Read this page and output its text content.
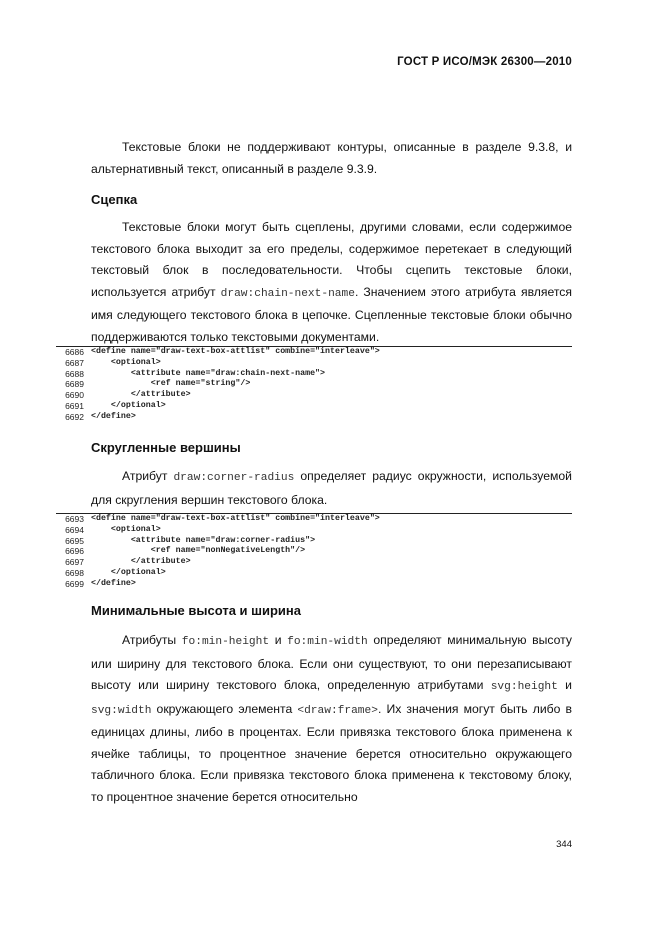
ГОСТ Р ИСО/МЭК 26300—2010

Текстовые блоки не поддерживают контуры, описанные в разделе 9.3.8, и альтернативный текст, описанный в разделе 9.3.9.

Сцепка

Текстовые блоки могут быть сцеплены, другими словами, если содержимое текстового блока выходит за его пределы, содержимое перетекает в следующий текстовый блок в последовательности. Чтобы сцепить текстовые блоки, используется атрибут draw:chain-next-name. Значением этого атрибута является имя следующего текстового блока в цепочке. Сцепленные текстовые блоки обычно поддерживаются только текстовыми документами.

6686 <define name="draw-text-box-attlist" combine="interleave">
6687 <optional>
6688 <attribute name="draw:chain-next-name">
6689 <ref name="string"/>
6690 </attribute>
6691 </optional>
6692 </define>
Скругленные вершины

Атрибут draw:corner-radius определяет радиус окружности, используемой для скругления вершин текстового блока.

6693 <define name="draw-text-box-attlist" combine="interleave">
6694 <optional>
6695 <attribute name="draw:corner-radius">
6696 <ref name="nonNegativeLength"/>
6697 </attribute>
6698 </optional>
6699 </define>
Минимальные высота и ширина

Атрибуты fo:min-height и fo:min-width определяют минимальную высоту или ширину для текстового блока. Если они существуют, то они перезаписывают высоту или ширину текстового блока, определенную атрибутами svg:height и svg:width окружающего элемента <draw:frame>. Их значения могут быть либо в единицах длины, либо в процентах. Если привязка текстового блока применена к ячейке таблицы, то процентное значение берется относительно окружающего табличного блока. Если привязка текстового блока применена к текстовому блоку, то процентное значение берется относительно

344
